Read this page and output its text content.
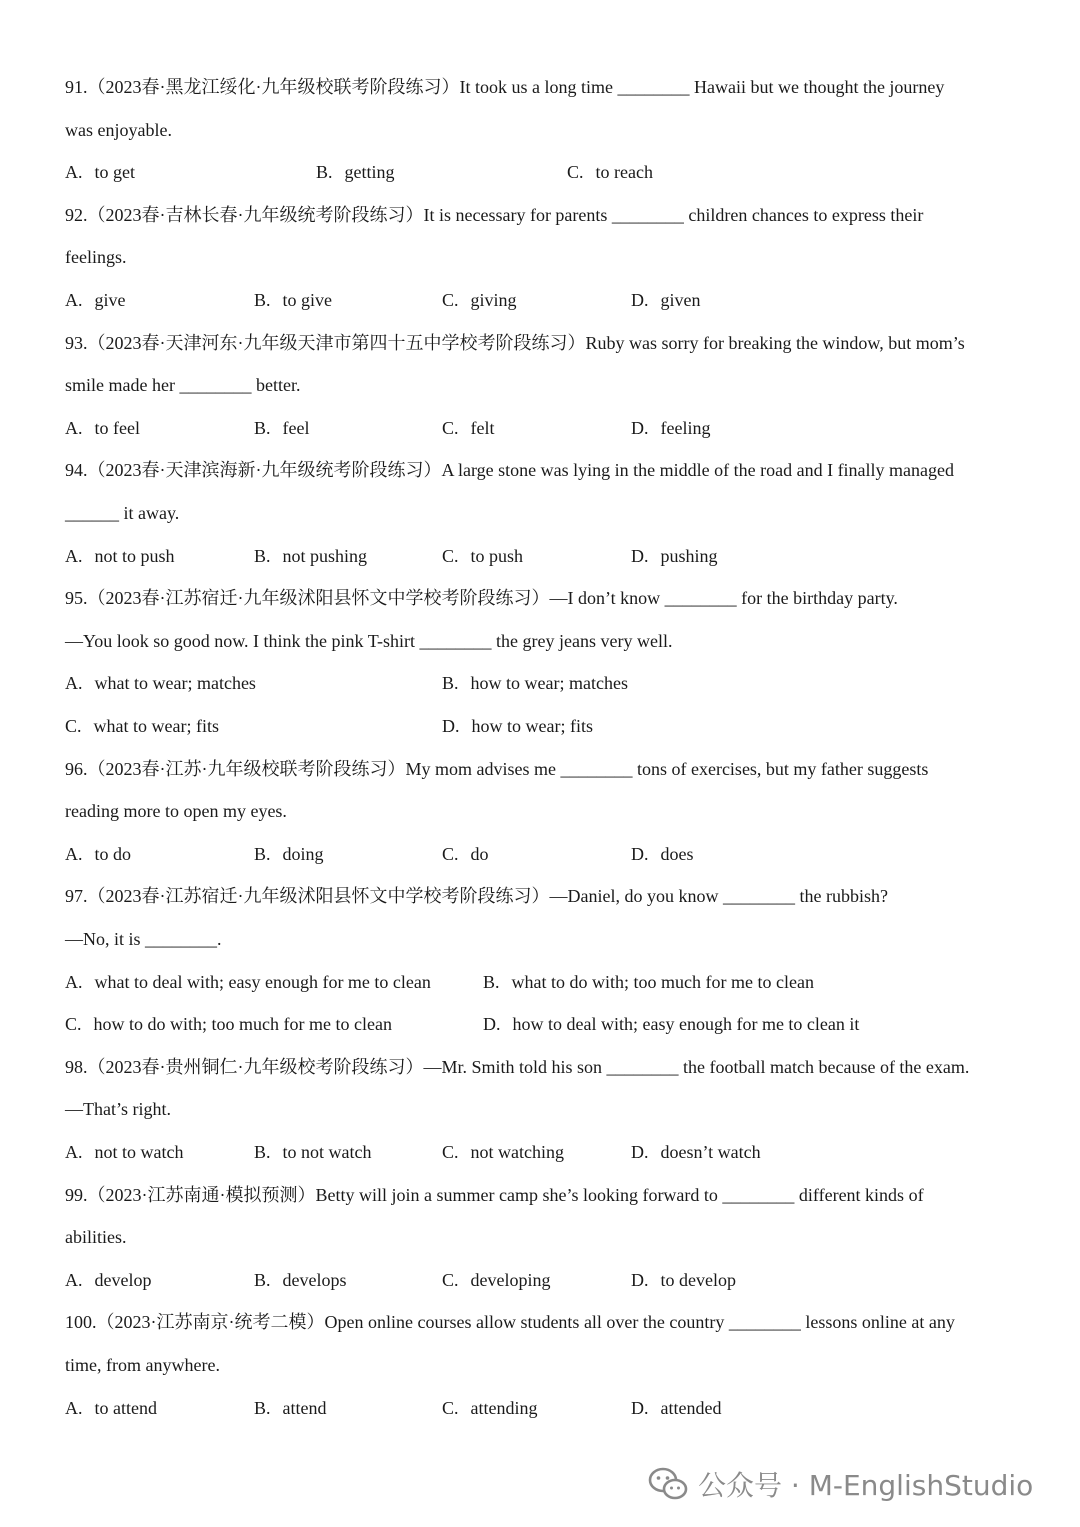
91.（2023春·黑龙江绥化·九年级校联考阶段练习）It took us a long time ________ Hawaii but we thought the journey
was enjoyable.
A. to get	B. getting	C. to reach
92.（2023春·吉林长春·九年级统考阶段练习）It is necessary for parents ________ children chances to express their
feelings.
A. give	B. to give	C. giving	D. given
93.（2023春·天津河东·九年级天津市第四十五中学校考阶段练习）Ruby was sorry for breaking the window, but mom’s
smile made her ________ better.
A. to feel	B. feel	C. felt	D. feeling
94.（2023春·天津滨海新·九年级统考阶段练习）A large stone was lying in the middle of the road and I finally managed
______ it away.
A. not to push	B. not pushing	C. to push	D. pushing
95.（2023春·江苏宿迁·九年级沭阳县怀文中学校考阶段练习）—I don’t know ________ for the birthday party.
—You look so good now. I think the pink T-shirt ________ the grey jeans very well.
A. what to wear; matches	B. how to wear; matches
C. what to wear; fits	D. how to wear; fits
96.（2023春·江苏·九年级校联考阶段练习）My mom advises me ________ tons of exercises, but my father suggests
reading more to open my eyes.
A. to do	B. doing	C. do	D. does
97.（2023春·江苏宿迁·九年级沭阳县怀文中学校考阶段练习）—Daniel, do you know ________ the rubbish?
—No, it is ________.
A. what to deal with; easy enough for me to clean	B. what to do with; too much for me to clean
C. how to do with; too much for me to clean	D. how to deal with; easy enough for me to clean it
98.（2023春·贵州铜仁·九年级校考阶段练习）—Mr. Smith told his son ________ the football match because of the exam.
—That’s right.
A. not to watch	B. to not watch	C. not watching	D. doesn’t watch
99.（2023·江苏南通·模拟预测）Betty will join a summer camp she’s looking forward to ________ different kinds of
abilities.
A. develop	B. develops	C. developing	D. to develop
100.（2023·江苏南京·统考二模）Open online courses allow students all over the country ________ lessons online at any
time, from anywhere.
A. to attend	B. attend	C. attending	D. attended
公众号 · M-EnglishStudio
